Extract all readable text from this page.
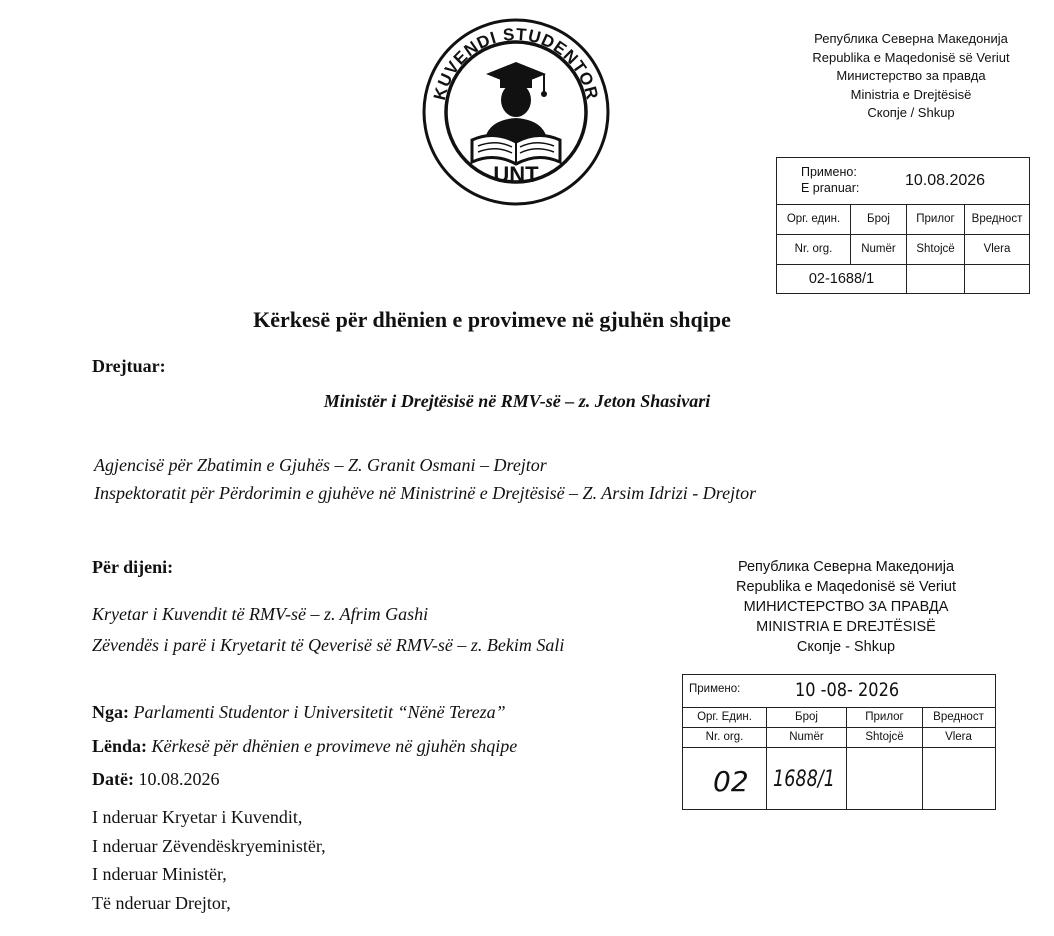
KUVENDI STUDENTOR
UNT
Република Северна Македонија
Republika e Maqedonisë së Veriut
Министерство за правда
Ministria e Drejtësisë
Скопје / Shkup
Примено:
E pranuar:	10.08.2026
Орг. един.	Број	Прилог	Вредност
Nr. org.	Numër	Shtojcë	Vlera
02-1688/1
Kërkesë për dhënien e provimeve në gjuhën shqipe
Drejtuar:
Ministër i Drejtësisë në RMV-së – z. Jeton Shasivari
Agjencisë për Zbatimin e Gjuhës – Z. Granit Osmani – Drejtor
Inspektoratit për Përdorimin e gjuhëve në Ministrinë e Drejtësisë – Z. Arsim Idrizi - Drejtor
Për dijeni:
Kryetar i Kuvendit të RMV-së – z. Afrim Gashi
Zëvendës i parë i Kryetarit të Qeverisë së RMV-së – z. Bekim Sali
Nga: Parlamenti Studentor i Universitetit “Nënë Tereza”
Lënda: Kërkesë për dhënien e provimeve në gjuhën shqipe
Datë: 10.08.2026
I nderuar Kryetar i Kuvendit,
I nderuar Zëvendëskryeministër,
I nderuar Ministër,
Të nderuar Drejtor,
Република Северна Македонија
Republika e Maqedonisë së Veriut
МИНИСТЕРСТВО ЗА ПРАВДА
MINISTRIA E DREJTËSISË
Скопје - Shkup
Примено:	10 -08- 2026
Орг. Един.	Број	Прилог	Вредност
Nr. org.	Numër	Shtojcë	Vlera
02 1688/1
